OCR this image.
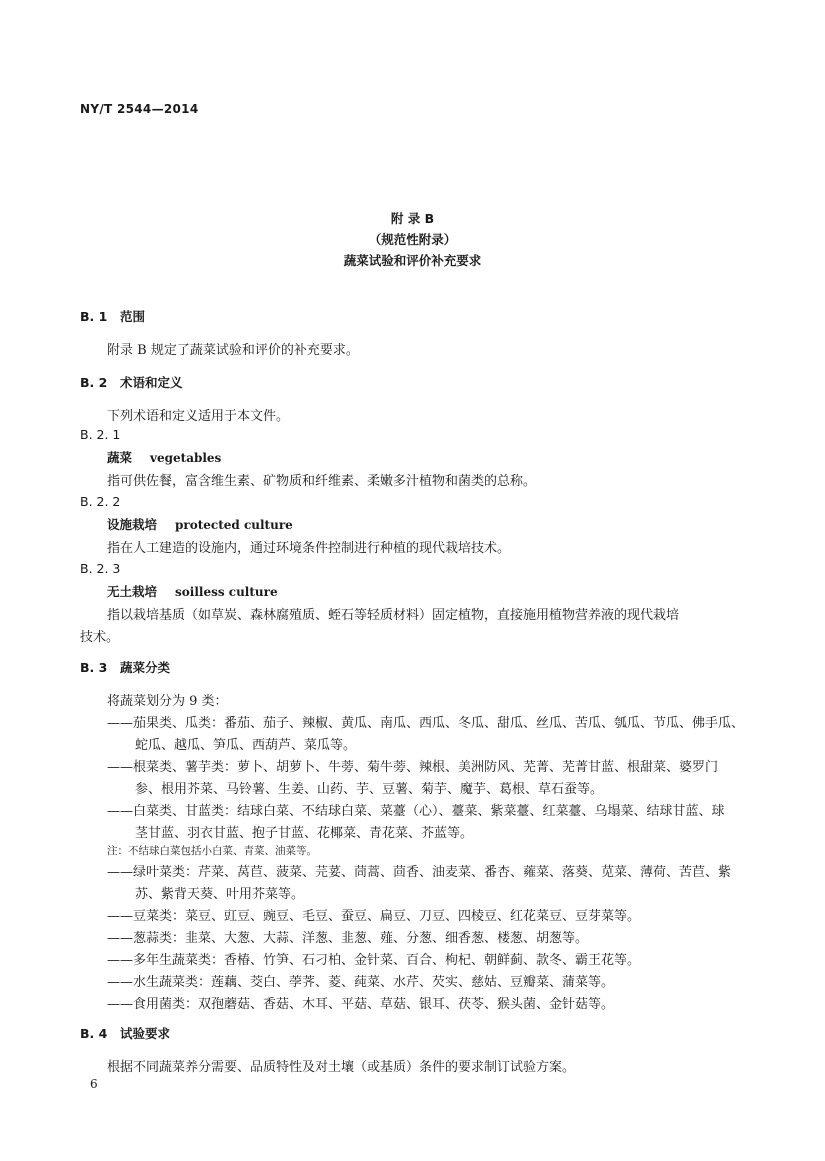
NY/T 2544—2014
附 录 B
（规范性附录）
蔬菜试验和评价补充要求
B. 1 范围
附录 B 规定了蔬菜试验和评价的补充要求。
B. 2 术语和定义
下列术语和定义适用于本文件。
B. 2. 1
蔬菜 vegetables
指可供佐餐，富含维生素、矿物质和纤维素、柔嫩多汁植物和菌类的总称。
B. 2. 2
设施栽培 protected culture
指在人工建造的设施内，通过环境条件控制进行种植的现代栽培技术。
B. 2. 3
无土栽培 soilless culture
指以栽培基质（如草炭、森林腐殖质、蛭石等轻质材料）固定植物，直接施用植物营养液的现代栽培
技术。
B. 3 蔬菜分类
将蔬菜划分为 9 类：
——茄果类、瓜类：番茄、茄子、辣椒、黄瓜、南瓜、西瓜、冬瓜、甜瓜、丝瓜、苦瓜、瓠瓜、节瓜、佛手瓜、
蛇瓜、越瓜、笋瓜、西葫芦、菜瓜等。
——根菜类、薯芋类：萝卜、胡萝卜、牛蒡、菊牛蒡、辣根、美洲防风、芜菁、芜菁甘蓝、根甜菜、婆罗门
参、根用芥菜、马铃薯、生姜、山药、芋、豆薯、菊芋、魔芋、葛根、草石蚕等。
——白菜类、甘蓝类：结球白菜、不结球白菜、菜薹（心）、薹菜、紫菜薹、红菜薹、乌塌菜、结球甘蓝、球
茎甘蓝、羽衣甘蓝、抱子甘蓝、花椰菜、青花菜、芥蓝等。
注：不结球白菜包括小白菜、青菜、油菜等。
——绿叶菜类：芹菜、莴苣、菠菜、芫荽、茼蒿、茴香、油麦菜、番杏、蕹菜、落葵、苋菜、薄荷、苦苣、紫
苏、紫背天葵、叶用芥菜等。
——豆菜类：菜豆、豇豆、豌豆、毛豆、蚕豆、扁豆、刀豆、四棱豆、红花菜豆、豆芽菜等。
——葱蒜类：韭菜、大葱、大蒜、洋葱、韭葱、薤、分葱、细香葱、楼葱、胡葱等。
——多年生蔬菜类：香椿、竹笋、石刁柏、金针菜、百合、枸杞、朝鲜蓟、款冬、霸王花等。
——水生蔬菜类：莲藕、茭白、荸荠、菱、莼菜、水芹、芡实、慈姑、豆瓣菜、蒲菜等。
——食用菌类：双孢蘑菇、香菇、木耳、平菇、草菇、银耳、茯苓、猴头菌、金针菇等。
B. 4 试验要求
根据不同蔬菜养分需要、品质特性及对土壤（或基质）条件的要求制订试验方案。
6
